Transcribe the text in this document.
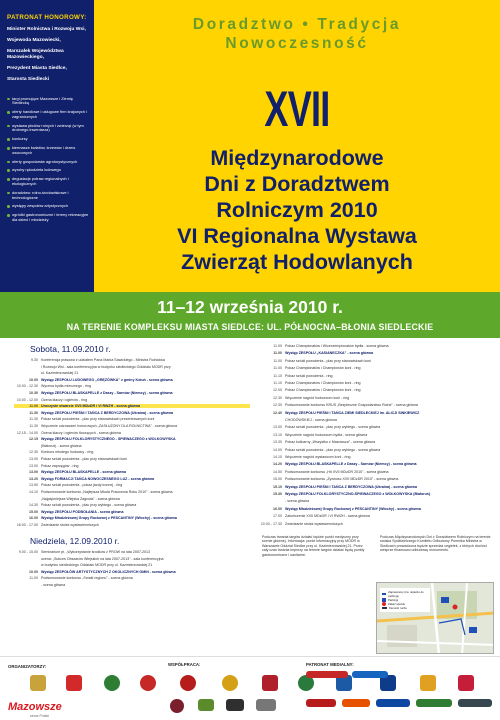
PATRONAT HONOROWY:
Minister Rolnictwa i Rozwoju Wsi,
Wojewoda Mazowiecki,
Marszałek Województwa Mazowieckiego,
Prezydent Miasta Siedlce,
Starosta Siedlecki
targi promujące Mazowsze i Ziemię Siedlecką
oferty handlowe i usługowe firm krajowych i zagranicznych
wystawa płodów rolnych i zwierząt (w tym drobnego inwentarza)
konkursy
kiermasze kwiatów, krzewów i drzew owocowych
oferty gospodarstw agroturystycznych
wyroby rękodzieła ludowego
degustacje potraw regionalnych i ekologicznych
doradztwo: rolno-środowiskowe i technologiczne
występy zespołów artystycznych
ogródki gastronomiczne i tereny rekreacyjne dla dzieci i młodzieży
Doradztwo • Tradycja
Nowoczesność
XVII
Międzynarodowe
Dni z Doradztwem
Rolniczym 2010
VI Regionalna Wystawa
Zwierząt Hodowlanych
11–12 września 2010 r.
NA TERENIE KOMPLEKSU MIASTA SIEDLCE: UL. PÓŁNOCNA–BŁONIA SIEDLECKIE
Sobota, 11.09.2010 r.
9.30 Konferencja prasowa z udziałem Pana Marka Sawickiego - Ministra Rolnictwa
i Rozwoju Wsi - sala konferencyjna w budynku siedleckiego Oddziału MODR przy
ul. Kazimierzowskiej 21
10.00 Występ ZESPOŁU LUDOWEGO „GRĘZÓWKA" z gminy Kotuń - scena główna
10.00 - 12.30 Wycena bydła mlecznego - ring
10.30 Występ ZESPOŁU BLASKAPELLE z Daszy - Sarnów (Niemcy) - scena główna
10.00 - 12.00 Ocena klaczy i ogierów - ring
11.00 Uroczyste otwarcie XVII MDzDR i VI RWZH - scena główna
11.30 Występ ZESPOŁU PIEŚNI I TAŃCA Z BERDYCZOWA (Ukraina) - scena główna
11.30 Pokaz sztuki powożenia - plac przy stanowiskach prezentowanych koni
11.30 Wręczenie odznaczeń honorowych „ZASŁUŻONY DLA ROLNICTWA" - scena główna
12.15 - 14.00 Ocena klaczy i ogierów tłoczących - scena główna
12.15 Występ ZESPOŁU FOLKLORYSTYCZNEGO - SPIEWACZEGO z WOLKOWYSKA
(Białoruś) - scena główna
12.30 Konkurs młodego hodowcy - ring
13.00 Pokaz sztuki powożenia - plac przy stanowiskach koni
13.00 Pokaz zaprzęgów - ring
13.00 Występ ZESPOŁU BLASKAPELLE - scena główna
13.20 Występ FORMACJI TAŃCA NOWOCZESNEGO LUZ - scena główna
13.50 Pokaz sztuki powożenia - pokaz jazdy konnej - ring
14.10 Podsumowanie konkursu „Najlepsza Młoda Pracownia Roku 2010" - scena główna
„Najpiękniejsza Wiejska Zagroda" - scena główna
14.30 Pokaz sztuki powożenia - plac przy wybiegu - scena główna
15.00 Występ ZESPOŁU PODBOŁANIA - scena główna
16.00 Występ Młodzieżowej Grupy Rockowej z PESCANTINY (Włochy) - scena główna
16.00 - 17.00 Zwiedzanie stoisk wystawienniczych
Niedziela, 12.09.2010 r.
9.00 - 15.00 Seminarium pt. „Wykorzystanie środków z PROW na lata 2007-2013
ocena: „Sukces Obszarów Wiejskich na lata 2007-2013" - sala konferencyjna
w budynku siedleckiego Oddziału MODR przy ul. Kazimierzowskiej 21
10.00 Występ ZESPOŁÓW ARTYSTYCZNYCH Z OKOLICZNYCH GMIN - scena główna
11.00 Podsumowanie konkursu „Smaki regionu" - scena główna
- scena główna
11.00 Pokaz Championatów i Wiceczempionatów bydła - scena główna
11.00 Występ ZESPOŁU „KASIANECZKA" - scena główna
11.00 Pokaz sztuki powożenia - plac przy stanowiskach koni
11.00 Pokaz Championatów i Championów koni - ring
11.10 Pokaz sztuki powożenia - ring
11.10 Pokaz Championatów i Championów koni - ring
12.00 Pokaz Championatów i Championów koni - ring
12.30 Wręczenie nagród hodowcom koni - ring
12.30 Podsumowanie konkursu KRUS „Bezpieczne Gospodarstwo Rolne" - scena główna
12.40 Występ ZESPOŁU PIEŚNI I TAŃCA ZIEMI SIEDLECKIEJ im. ALICJI SINKIEWICZ
CHODÓWSKIEJ - scena główna
13.00 Pokaz sztuki powożenia - plac przy wybiegu - scena główna
13.10 Wręczenie nagród hodowcom bydła - scena główna
13.30 Pokaz kulinarny „Wszystko z Mazowsza" - scena główna
14.00 Pokaz sztuki powożenia - plac przy wybiegu - scena główna
14.10 Wręczenie nagród wystawcom koni - ring
14.20 Występ ZESPOŁU BLASKAPELLE z Daszy - Sarnów (Niemcy) - scena główna
14.50 Podsumowanie konkursu „Hit XVII MDzDR 2010" - scena główna
15.00 Podsumowanie konkursu „Żywnosc XVII MDzDR 2010" - scena główna
15.10 Występ ZESPOŁU PIEŚNI I TAŃCA Z BERDYCZOWA (Ukraina) - scena główna
15.30 Występ ZESPOŁU FOLKLORYSTYCZNO-ŚPIEWACZEGO z WOŁKOWYSKA (Białoruś)
- scena główna
16.00 Występ Młodzieżowej Grupy Rockowej z PESCANTINY (Włochy) - scena główna
17.00 Zakończenie XVII MDzDR i VI RWZH - scena główna
10.00 - 17.30 Zwiedzanie stoisk wystawienniczych
Podczas trwania targów działać będzie punkt medyczny przy scenie głównej. Informacja: punkt informacyjny przy MODR w Warszawie Oddział Siedlce przy ul. Kazimierzowskiej 21. Przez cały czas trwania imprezy na terenie targów działać będą punkty gastronomiczne i sanitarne.
Podczas Międzynarodowych Dni z Doradztwem Rolniczym na terenie stoiska Spółdzielczego Komitetu Odbudowy Pomnika Ministra w Siedlcach prowadzona będzie sprzedaż cegiełek, z których dochód wesprze finansowo odbudowę monumentu.
Zapraszamy tzw. dojazdu do parkingu
Parkingi
Zakaz wjazdu
Kierunki ruchu
ORGANIZATORZY:	WSPÓŁPRACA:	PATRONAT MEDIALNY:
Mazowsze
serce Polski
